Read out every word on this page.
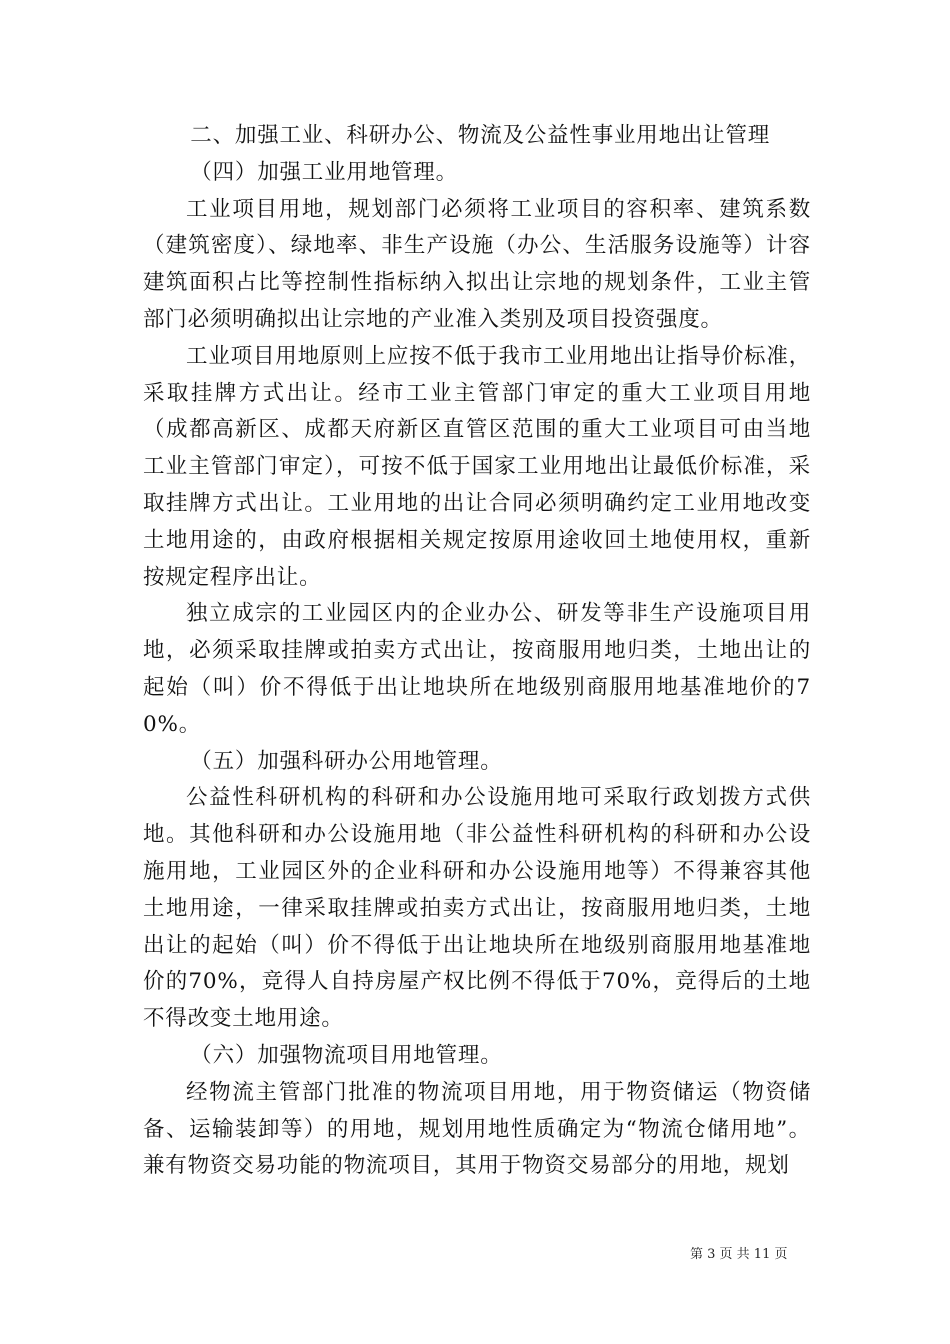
二、加强工业、科研办公、物流及公益性事业用地出让管理

（四）加强工业用地管理。

工业项目用地，规划部门必须将工业项目的容积率、建筑系数（建筑密度）、绿地率、非生产设施（办公、生活服务设施等）计容建筑面积占比等控制性指标纳入拟出让宗地的规划条件，工业主管部门必须明确拟出让宗地的产业准入类别及项目投资强度。

工业项目用地原则上应按不低于我市工业用地出让指导价标准，采取挂牌方式出让。经市工业主管部门审定的重大工业项目用地（成都高新区、成都天府新区直管区范围的重大工业项目可由当地工业主管部门审定），可按不低于国家工业用地出让最低价标准，采取挂牌方式出让。工业用地的出让合同必须明确约定工业用地改变土地用途的，由政府根据相关规定按原用途收回土地使用权，重新按规定程序出让。

独立成宗的工业园区内的企业办公、研发等非生产设施项目用地，必须采取挂牌或拍卖方式出让，按商服用地归类，土地出让的起始（叫）价不得低于出让地块所在地级别商服用地基准地价的70%。

（五）加强科研办公用地管理。

公益性科研机构的科研和办公设施用地可采取行政划拨方式供地。其他科研和办公设施用地（非公益性科研机构的科研和办公设施用地，工业园区外的企业科研和办公设施用地等）不得兼容其他土地用途，一律采取挂牌或拍卖方式出让，按商服用地归类，土地出让的起始（叫）价不得低于出让地块所在地级别商服用地基准地价的70%，竞得人自持房屋产权比例不得低于70%，竞得后的土地不得改变土地用途。

（六）加强物流项目用地管理。

经物流主管部门批准的物流项目用地，用于物资储运（物资储备、运输装卸等）的用地，规划用地性质确定为“物流仓储用地”。兼有物资交易功能的物流项目，其用于物资交易部分的用地，规划

第 3 页 共 11 页
